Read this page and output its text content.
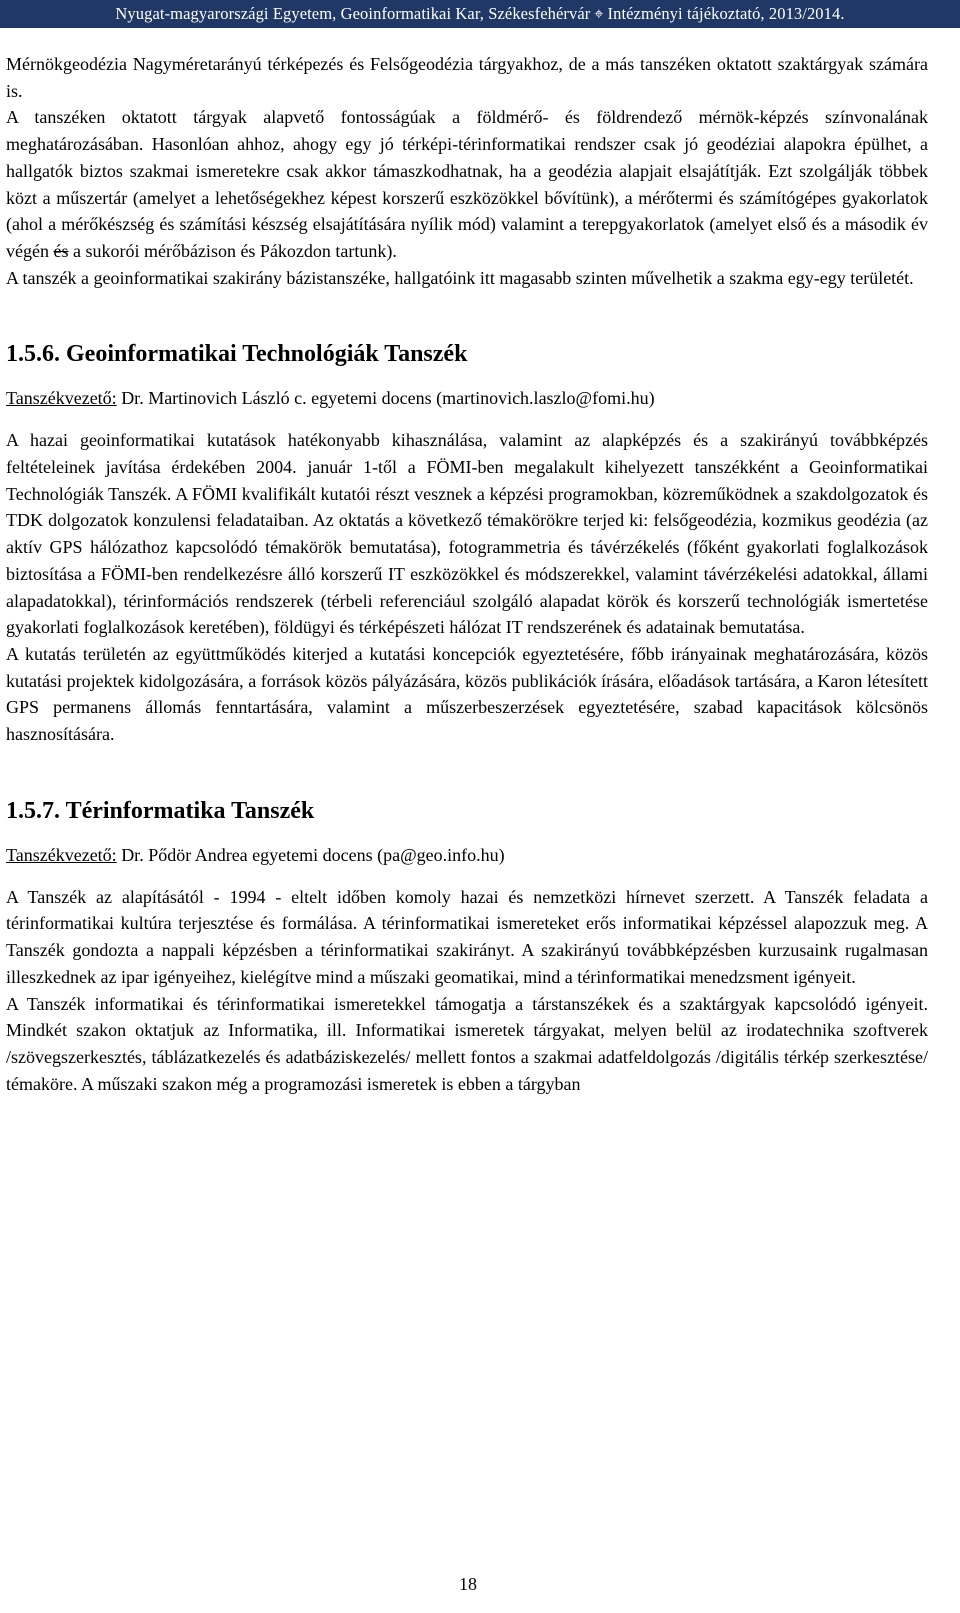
Nyugat-magyarországi Egyetem, Geoinformatikai Kar, Székesfehérvár ⌖ Intézményi tájékoztató, 2013/2014.

Mérnökgeodézia Nagyméretarányú térképezés és Felsőgeodézia tárgyakhoz, de a más tanszéken oktatott szaktárgyak számára is.

A tanszéken oktatott tárgyak alapvető fontosságúak a földmérő- és földrendező mérnök-képzés színvonalának meghatározásában. Hasonlóan ahhoz, ahogy egy jó térképi-térinformatikai rendszer csak jó geodéziai alapokra épülhet, a hallgatók biztos szakmai ismeretekre csak akkor támaszkodhatnak, ha a geodézia alapjait elsajátítják. Ezt szolgálják többek közt a műszertár (amelyet a lehetőségekhez képest korszerű eszközökkel bővítünk), a mérőtermi és számítógépes gyakorlatok (ahol a mérőkészség és számítási készség elsajátítására nyílik mód) valamint a terepgyakorlatok (amelyet első és a második év végén és a sukorói mérőbázison és Pákozdon tartunk).

A tanszék a geoinformatikai szakirány bázistanszéke, hallgatóink itt magasabb szinten művelhetik a szakma egy-egy területét.

1.5.6. Geoinformatikai Technológiák Tanszék

Tanszékvezető: Dr. Martinovich László c. egyetemi docens (martinovich.laszlo@fomi.hu)

A hazai geoinformatikai kutatások hatékonyabb kihasználása, valamint az alapképzés és a szakirányú továbbképzés feltételeinek javítása érdekében 2004. január 1-től a FÖMI-ben megalakult kihelyezett tanszékként a Geoinformatikai Technológiák Tanszék. A FÖMI kvalifikált kutatói részt vesznek a képzési programokban, közreműködnek a szakdolgozatok és TDK dolgozatok konzulensi feladataiban. Az oktatás a következő témakörökre terjed ki: felsőgeodézia, kozmikus geodézia (az aktív GPS hálózathoz kapcsolódó témakörök bemutatása), fotogrammetria és távérzékelés (főként gyakorlati foglalkozások biztosítása a FÖMI-ben rendelkezésre álló korszerű IT eszközökkel és módszerekkel, valamint távérzékelési adatokkal, állami alapadatokkal), térinformációs rendszerek (térbeli referenciául szolgáló alapadat körök és korszerű technológiák ismertetése gyakorlati foglalkozások keretében), földügyi és térképészeti hálózat IT rendszerének és adatainak bemutatása.

A kutatás területén az együttműködés kiterjed a kutatási koncepciók egyeztetésére, főbb irányainak meghatározására, közös kutatási projektek kidolgozására, a források közös pályázására, közös publikációk írására, előadások tartására, a Karon létesített GPS permanens állomás fenntartására, valamint a műszerbeszerzések egyeztetésére, szabad kapacitások kölcsönös hasznosítására.

1.5.7. Térinformatika Tanszék

Tanszékvezető: Dr. Pődör Andrea egyetemi docens (pa@geo.info.hu)

A Tanszék az alapításától - 1994 - eltelt időben komoly hazai és nemzetközi hírnevet szerzett. A Tanszék feladata a térinformatikai kultúra terjesztése és formálása. A térinformatikai ismereteket erős informatikai képzéssel alapozzuk meg. A Tanszék gondozta a nappali képzésben a térinformatikai szakirányt. A szakirányú továbbképzésben kurzusaink rugalmasan illeszkednek az ipar igényeihez, kielégítve mind a műszaki geomatikai, mind a térinformatikai menedzsment igényeit.

A Tanszék informatikai és térinformatikai ismeretekkel támogatja a társtanszékek és a szaktárgyak kapcsolódó igényeit. Mindkét szakon oktatjuk az Informatika, ill. Informatikai ismeretek tárgyakat, melyen belül az irodatechnika szoftverek /szövegszerkesztés, táblázatkezelés és adatbáziskezelés/ mellett fontos a szakmai adatfeldolgozás /digitális térkép szerkesztése/ témaköre. A műszaki szakon még a programozási ismeretek is ebben a tárgyban

18
